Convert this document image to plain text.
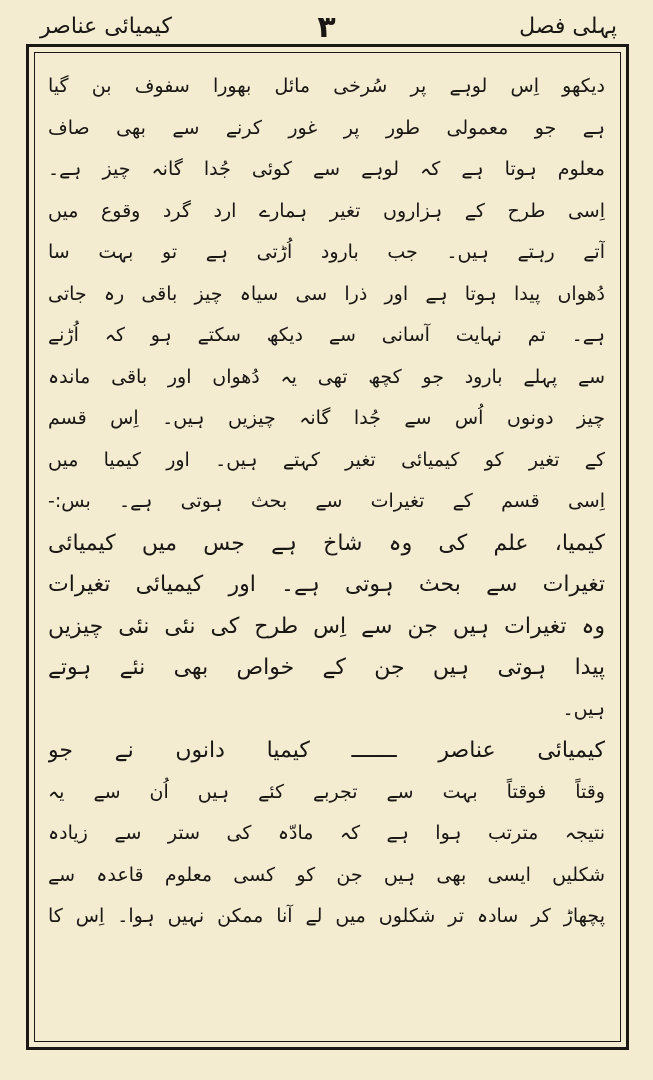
پہلی فصل
۳
کیمیائی عناصر
دیکھو اِس لوہے پر سُرخی مائل بھورا سفوف بن گیا
ہے جو معمولی طور پر غور کرنے سے بھی صاف
معلوم ہوتا ہے کہ لوہے سے کوئی جُدا گانہ چیز ہے۔
اِسی طرح کے ہزاروں تغیر ہمارے ارد گرد وقوع میں
آتے رہتے ہیں۔ جب بارود اُڑتی ہے تو بہت سا
دُھواں پیدا ہوتا ہے اور ذرا سی سیاہ چیز باقی رہ جاتی
ہے۔ تم نہایت آسانی سے دیکھ سکتے ہو کہ اُڑنے
سے پہلے بارود جو کچھ تھی یہ دُھواں اور باقی ماندہ
چیز دونوں اُس سے جُدا گانہ چیزیں ہیں۔ اِس قسم
کے تغیر کو کیمیائی تغیر کہتے ہیں۔ اور کیمیا میں
اِسی قسم کے تغیرات سے بحث ہوتی ہے۔ بس:-
کیمیا، علم کی وہ شاخ ہے جس میں کیمیائی
تغیرات سے بحث ہوتی ہے۔ اور کیمیائی تغیرات
وہ تغیرات ہیں جن سے اِس طرح کی نئی نئی چیزیں
پیدا ہوتی ہیں جن کے خواص بھی نئے ہوتے
ہیں۔
کیمیائی عناصر ـــــــ کیمیا دانوں نے جو
وقتاً فوقتاً بہت سے تجربے کئے ہیں اُن سے یہ
نتیجہ مترتب ہوا ہے کہ مادّہ کی ستر سے زیادہ
شکلیں ایسی بھی ہیں جن کو کسی معلوم قاعدہ سے
پچھاڑ کر سادہ تر شکلوں میں لے آنا ممکن نہیں ہوا۔ اِس کا
